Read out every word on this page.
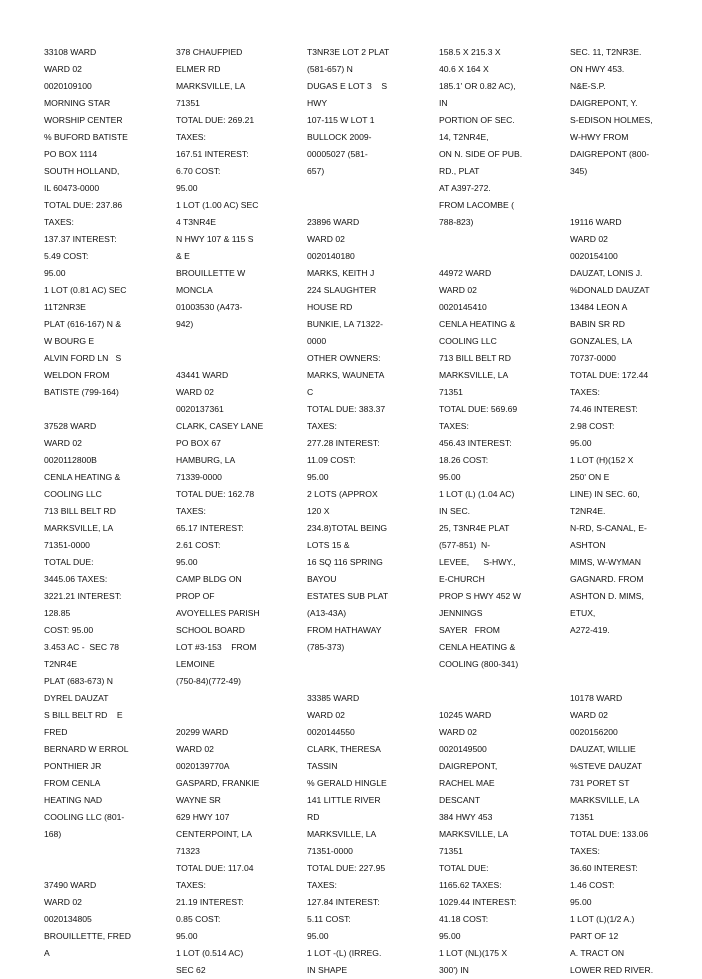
33108 WARD
WARD 02
0020109100
MORNING STAR
WORSHIP CENTER
% BUFORD BATISTE
PO BOX 1114
SOUTH HOLLAND,
IL 60473-0000
TOTAL DUE: 237.86
TAXES:
137.37 INTEREST:
5.49 COST:
95.00
1 LOT (0.81 AC) SEC
11T2NR3E
PLAT (616-167) N &
W BOURG E
ALVIN FORD LN   S
WELDON FROM
BATISTE (799-164)
37528 WARD
WARD 02
0020112800B
CENLA HEATING &
COOLING LLC
713 BILL BELT RD
MARKSVILLE, LA
71351-0000
TOTAL DUE:
3445.06 TAXES:
3221.21 INTEREST:
128.85
COST: 95.00
3.453 AC -  SEC 78
T2NR4E
PLAT (683-673) N
DYREL DAUZAT
S BILL BELT RD    E
FRED
BERNARD W ERROL
PONTHIER JR
FROM CENLA
HEATING NAD
COOLING LLC (801-
168)
37490 WARD
WARD 02
0020134805
BROUILLETTE, FRED
A
378 CHAUFPIED
ELMER RD
MARKSVILLE, LA
71351
TOTAL DUE: 269.21
TAXES:
167.51 INTEREST:
6.70 COST:
95.00
1 LOT (1.00 AC) SEC
4 T3NR4E
N HWY 107 & 115 S
& E
BROUILLETTE W
MONCLA
01003530 (A473-
942)
43441 WARD
WARD 02
0020137361
CLARK, CASEY LANE
PO BOX 67
HAMBURG, LA
71339-0000
TOTAL DUE: 162.78
TAXES:
65.17 INTEREST:
2.61 COST:
95.00
CAMP BLDG ON
PROP OF
AVOYELLES PARISH
SCHOOL BOARD
LOT #3-153    FROM
LEMOINE
(750-84)(772-49)
20299 WARD
WARD 02
0020139770A
GASPARD, FRANKIE
WAYNE SR
629 HWY 107
CENTERPOINT, LA
71323
TOTAL DUE: 117.04
TAXES:
21.19 INTEREST:
0.85 COST:
95.00
1 LOT (0.514 AC)
SEC 62
T3NR3E LOT 2 PLAT
(581-657) N
DUGAS E LOT 3    S
HWY
107-115 W LOT 1
BULLOCK 2009-
00005027 (581-
657)
23896 WARD
WARD 02
0020140180
MARKS, KEITH J
224 SLAUGHTER
HOUSE RD
BUNKIE, LA 71322-
0000
OTHER OWNERS:
MARKS, WAUNETA
C
TOTAL DUE: 383.37
TAXES:
277.28 INTEREST:
11.09 COST:
95.00
2 LOTS (APPROX
120 X
234.8)TOTAL BEING
LOTS 15 &
16 SQ 116 SPRING
BAYOU
ESTATES SUB PLAT
(A13-43A)
FROM HATHAWAY
(785-373)
33385 WARD
WARD 02
0020144550
CLARK, THERESA
TASSIN
% GERALD HINGLE
141 LITTLE RIVER
RD
MARKSVILLE, LA
71351-0000
TOTAL DUE: 227.95
TAXES:
127.84 INTEREST:
5.11 COST:
95.00
1 LOT -(L) (IRREG.
IN SHAPE
158.5 X 215.3 X
40.6 X 164 X
185.1' OR 0.82 AC),
IN
PORTION OF SEC.
14, T2NR4E,
ON N. SIDE OF PUB.
RD., PLAT
AT A397-272.
FROM LACOMBE (
788-823)
44972 WARD
WARD 02
0020145410
CENLA HEATING &
COOLING LLC
713 BILL BELT RD
MARKSVILLE, LA
71351
TOTAL DUE: 569.69
TAXES:
456.43 INTEREST:
18.26 COST:
95.00
1 LOT (L) (1.04 AC)
IN SEC.
25, T3NR4E PLAT
(577-851)  N-
LEVEE,      S-HWY.,
E-CHURCH
PROP S HWY 452 W
JENNINGS
SAYER   FROM
CENLA HEATING &
COOLING (800-341)
10245 WARD
WARD 02
0020149500
DAIGREPONT,
RACHEL MAE
DESCANT
384 HWY 453
MARKSVILLE, LA
71351
TOTAL DUE:
1165.62 TAXES:
1029.44 INTEREST:
41.18 COST:
95.00
1 LOT (NL)(175 X
300') IN
SEC. 11, T2NR3E.
ON HWY 453.
N&E-S.P.
DAIGREPONT, Y.
S-EDISON HOLMES,
W-HWY FROM
DAIGREPONT (800-
345)
19116 WARD
WARD 02
0020154100
DAUZAT, LONIS J.
%DONALD DAUZAT
13484 LEON A
BABIN SR RD
GONZALES, LA
70737-0000
TOTAL DUE: 172.44
TAXES:
74.46 INTEREST:
2.98 COST:
95.00
1 LOT (H)(152 X
250' ON E
LINE) IN SEC. 60,
T2NR4E.
N-RD, S-CANAL, E-
ASHTON
MIMS, W-WYMAN
GAGNARD. FROM
ASHTON D. MIMS,
ETUX,
A272-419.
10178 WARD
WARD 02
0020156200
DAUZAT, WILLIE
%STEVE DAUZAT
731 PORET ST
MARKSVILLE, LA
71351
TOTAL DUE: 133.06
TAXES:
36.60 INTEREST:
1.46 COST:
95.00
1 LOT (L)(1/2 A.)
PART OF 12
A. TRACT ON
LOWER RED RIVER.
